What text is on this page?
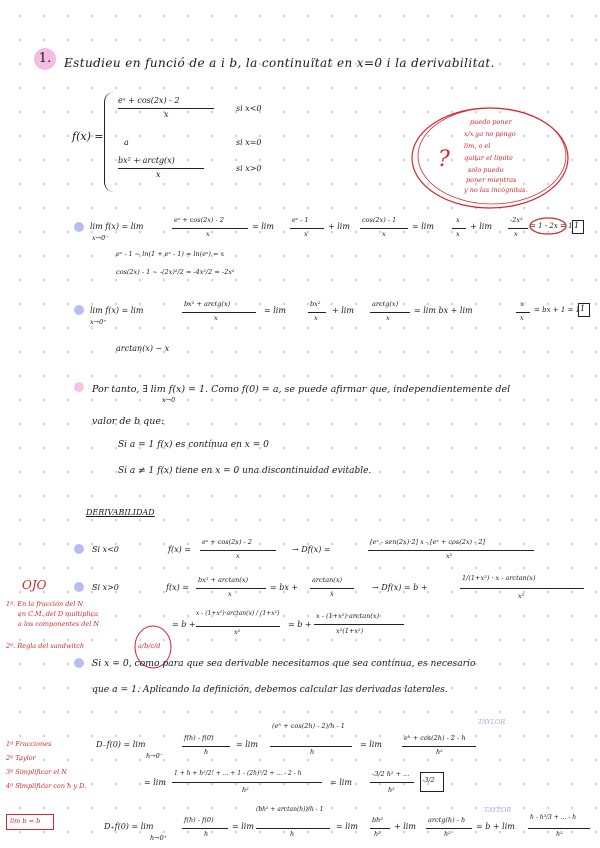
1.	Estudieu en funció de a i b, la continuïtat en x=0 i la derivabilitat.
f(x) =
eˣ + cos(2x) - 2
x
si x<0
a	si x=0
bx² + arctg(x)
x
si x>0	?
puedo poner
x/x ya no pongo
lim, o el
quitar el límite
solo puedo
poner mientras
y no las incógnitas.
lim f(x) = lim
x→0⁻
eˣ + cos(2x) - 2
x
= lim
eˣ - 1
x
+ lim
cos(2x) - 1
x
= lim
x
x
+ lim
-2x²
x
= 1 - 2x = 1 1
eˣ - 1 ~ ln(1 + eˣ - 1) = ln(eˣ) = x
cos(2x) - 1 ~ -(2x)²/2 = -4x²/2 = -2x²
lim f(x) = lim
x→0⁺
bx² + arctg(x)
x
= lim
bx²
x
+ lim
arctg(x)
x
= lim bx + lim
x
x
= bx + 1 = 1 1
arctan(x) ~ x
Por tanto, ∃ lim f(x) = 1. Como f(0) = a, se puede afirmar que, independientemente del
x→0
valor de b que:
Si a = 1 f(x) es contínua en x = 0
Si a ≠ 1 f(x) tiene en x = 0 una discontinuidad evitable.
DERIVABILIDAD
Si x<0	f(x) =
eˣ + cos(2x) - 2
x
→ Df(x) =
[eˣ - sen(2x)·2] x - [eˣ + cos(2x) - 2]
x²
OJO
1º. En la fracción del N
en C.M. del D multiplica
a los componentes del N
2º. Regla del sandwitch	a/b/c/d
Si x>0	f(x) =
bx² + arctan(x)
x
= bx +
arctan(x)
x
→ Df(x) = b +
1/(1+x²) · x - arctan(x)
x²
= b +
x - (1+x²)·arctan(x) / (1+x²)
x²
= b +
x - (1+x²)·arctan(x)
x²(1+x²)
Si x = 0, como para que sea derivable necesitamos que sea contínua, es necesario
que a = 1. Aplicando la definición, debemos calcular las derivadas laterales.
1º Fracciones
2º Taylor
3º Simplificar el N
4º Simplificar con h y D.
lim b = b
D₋f(0) = lim
h→0⁻
f(h) - f(0)
h
= lim
(eʰ + cos(2h) - 2)/h - 1
h
= lim
eʰ + cos(2h) - 2 - h
h²
TAYLOR
= lim
1 + h + h²/2! + ... + 1 - (2h)²/2 + ... - 2 - h
h²
= lim
-3/2 h² + ...
h²
-3/2
D₊f(0) = lim
h→0⁺
f(h) - f(0)
h
= lim
(bh² + arctan(h))/h - 1
h
= lim
bh²
h²
+ lim
arctg(h) - h
h²
TAYLOR
= b + lim
h - h³/3 + ... - h
h²
